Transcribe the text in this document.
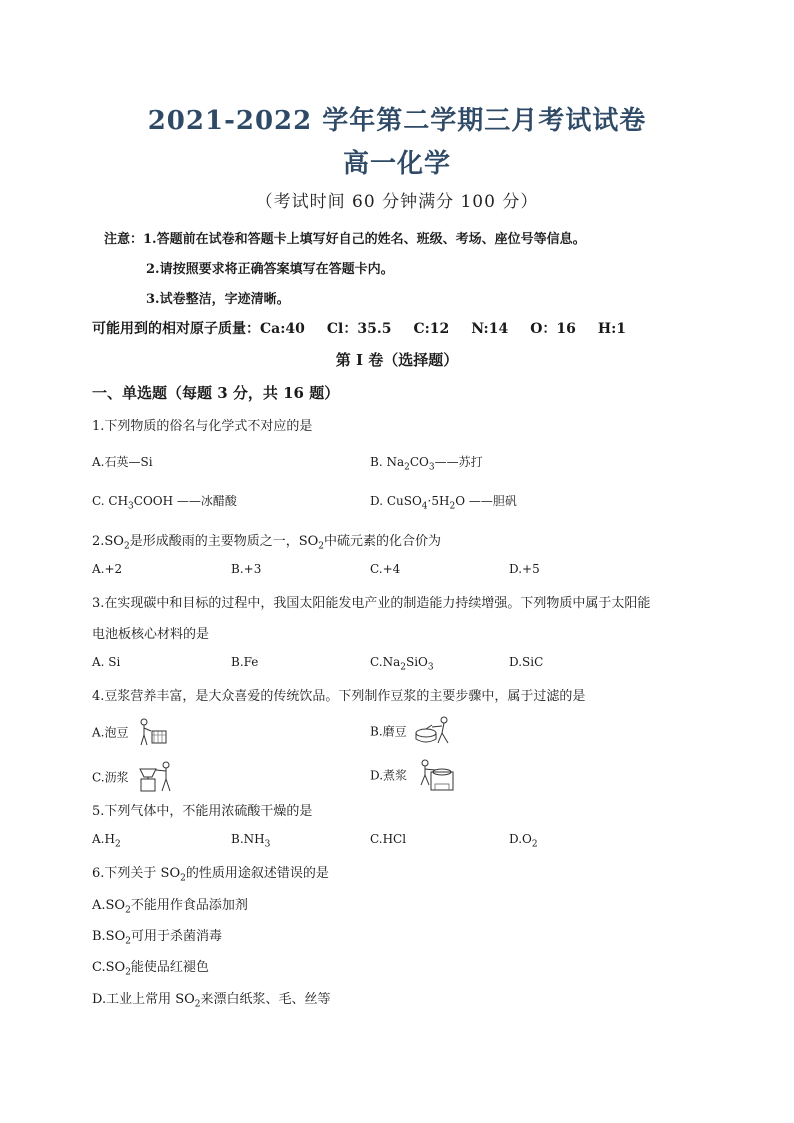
2021-2022 学年第二学期三月考试试卷
高一化学
（考试时间 60 分钟满分 100 分）
注意：1.答题前在试卷和答题卡上填写好自己的姓名、班级、考场、座位号等信息。
2.请按照要求将正确答案填写在答题卡内。
3.试卷整洁，字迹清晰。
可能用到的相对原子质量：Ca:40 Cl：35.5 C:12 N:14 O：16 H:1
第 I 卷（选择题）
一、单选题（每题 3 分，共 16 题）
1.下列物质的俗名与化学式不对应的是
A.石英—Si	B. $Na_2CO_3——$苏打
C. $CH_3COOH$ ——冰醋酸	D. $CuSO_4\cdot 5H_2O$ ——胆矾
$2.SO_2$是形成酸雨的主要物质之一，$SO_2$中硫元素的化合价为
A.+2	B.+3	C.+4	D.+5
3.在实现碳中和目标的过程中，我国太阳能发电产业的制造能力持续增强。下列物质中属于太阳能
电池板核心材料的是
A. Si	B.Fe	$C.Na_2SiO_3$	D.SiC
4.豆浆营养丰富，是大众喜爱的传统饮品。下列制作豆浆的主要步骤中，属于过滤的是
A.泡豆	B.磨豆
C.沥浆	D.煮浆
5.下列气体中，不能用浓硫酸干燥的是
$A.H_2$	$B.NH_3$	C.HCl	$D.O_2$
6.下列关于 $SO_2$的性质用途叙述错误的是
$A.SO_2$不能用作食品添加剂
$B.SO_2$可用于杀菌消毒
$C.SO_2$能使品红褪色
D.工业上常用 $SO_2$来漂白纸浆、毛、丝等
